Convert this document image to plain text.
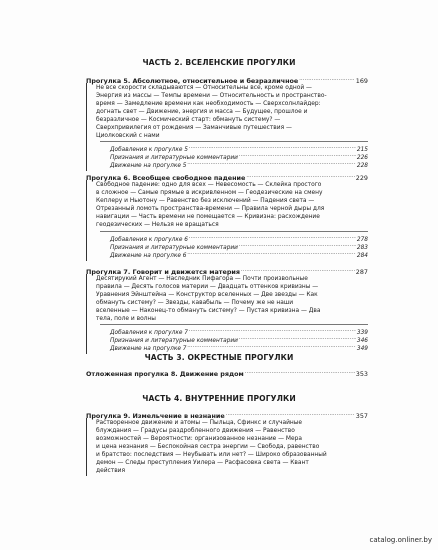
ЧАСТЬ 2. ВСЕЛЕНСКИЕ ПРОГУЛКИ
Прогулка 5. Абсолютное, относительное и безразличное .....	169
Не все скорости складываются — Относительны все, кроме одной —
Энергия из массы — Темпы времени — Относительность и пространство-
время — Замедление времени как необходимость — Сверхсолнлайдер:
догнать свет — Движение, энергия и масса — Будущее, прошлое и
безразличное — Космический старт: обмануть систему? —
Сверхпривилегия от рождения — Заманчивые путешествия —
Циолковский с нами
Добавления к прогулке 5 .....	215
Признания и литературные комментарии .....	226
Движение на прогулке 5 .....	228
Прогулка 6. Всеобщее свободное падение .....	229
Свободное падение: одно для всех — Невесомость — Склейка простого
в сложное — Самые прямые в искривленном — Геодезические на смену
Кеплеру и Ньютону — Равенство без исключений — Падения света —
Отрезанный ломоть пространства-времени — Правила черной дыры для
навигации — Часть времени не помещается — Кривизна: расхождение
геодезических — Нельзя не вращаться
Добавления к прогулке 6 .....	278
Признания и литературные комментарии .....	283
Движение на прогулке 6 .....	284
Прогулка 7. Говорит и движется материя .....	287
Десятирукий Агент — Наследник Пифагора — Почти произвольные
правила — Десять голосов материи — Двадцать оттенков кривизны —
Уравнения Эйнштейна — Конструктор вселенных — Две звезды — Как
обмануть систему? — Звезды, кавабыль — Почему же не наши
вселенные — Наконец-то обмануть систему? — Пустая кривизна — Два
тела, поле и волны
Добавления к прогулке 7 .....	339
Признания и литературные комментарии .....	346
Движение на прогулке 7 .....	349
ЧАСТЬ 3. ОКРЕСТНЫЕ ПРОГУЛКИ
Отложенная прогулка 8. Движение рядом .....	353
ЧАСТЬ 4. ВНУТРЕННИЕ ПРОГУЛКИ
Прогулка 9. Измельчение в незнание .....	357
Растворенное движение и атомы — Пыльца, Сфинкс и случайные
блуждания — Градусы раздробленного движения — Равенство
возможностей — Вероятности: организованное незнание — Мера
и цена незнания — Беспокойная сестра энергии — Свобода, равенство
и братство: последствия — Неубывать или нет? — Широко образованный
демон — Следы преступления Уилера — Расфасовка света — Квант
действия
catalog.onliner.by
